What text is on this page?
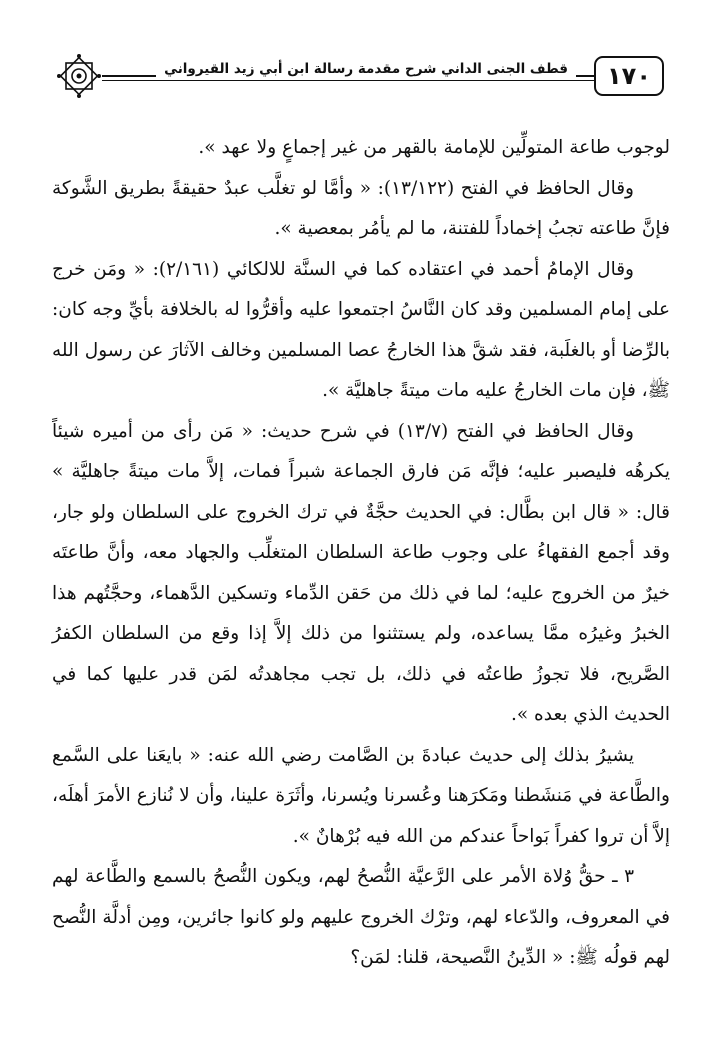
١٧٠
قطف الجنى الداني شرح مقدمة رسالة ابن أبي زيد القيرواني

لوجوب طاعة المتولِّين للإمامة بالقهر من غير إجماعٍ ولا عهد ».

وقال الحافظ في الفتح (١٣/١٢٢): « وأمَّا لو تغلَّب عبدٌ حقيقةً بطريق الشَّوكة فإنَّ طاعته تجبُ إخماداً للفتنة، ما لم يأمُر بمعصية ».

وقال الإمامُ أحمد في اعتقاده كما في السنَّة للالكائي (٢/١٦١): « ومَن خرج على إمام المسلمين وقد كان النَّاسُ اجتمعوا عليه وأقرُّوا له بالخلافة بأيِّ وجه كان: بالرِّضا أو بالغلَبة، فقد شقَّ هذا الخارجُ عصا المسلمين وخالف الآثارَ عن رسول الله ﷺ، فإن مات الخارجُ عليه مات ميتةً جاهليَّة ».

وقال الحافظ في الفتح (١٣/٧) في شرح حديث: « مَن رأى من أميره شيئاً يكرهُه فليصبر عليه؛ فإنَّه مَن فارق الجماعة شبراً فمات، إلاَّ مات ميتةً جاهليَّة » قال: « قال ابن بطَّال: في الحديث حجَّةٌ في ترك الخروج على السلطان ولو جار، وقد أجمع الفقهاءُ على وجوب طاعة السلطان المتغلِّب والجهاد معه، وأنَّ طاعتَه خيرٌ من الخروج عليه؛ لما في ذلك من حَقن الدِّماء وتسكين الدَّهماء، وحجَّتُهم هذا الخبرُ وغيرُه ممَّا يساعده، ولم يستثنوا من ذلك إلاَّ إذا وقع من السلطان الكفرُ الصَّريح، فلا تجوزُ طاعتُه في ذلك، بل تجب مجاهدتُه لمَن قدر عليها كما في الحديث الذي بعده ».

يشيرُ بذلك إلى حديث عبادةَ بن الصَّامت رضي الله عنه: « بايعَنا على السَّمع والطَّاعة في مَنشَطنا ومَكرَهنا وعُسرنا ويُسرنا، وأثَرَة علينا، وأن لا نُنازع الأمرَ أهلَه، إلاَّ أن تروا كفراً بَواحاً عندكم من الله فيه بُرْهانٌ ».

٣ ـ حقُّ وُلاة الأمر على الرَّعيَّة النُّصحُ لهم، ويكون النُّصحُ بالسمع والطَّاعة لهم في المعروف، والدّعاء لهم، وترْك الخروج عليهم ولو كانوا جائرين، ومِن أدلَّة النُّصح لهم قولُه ﷺ: « الدِّينُ النَّصيحة، قلنا: لمَن؟
